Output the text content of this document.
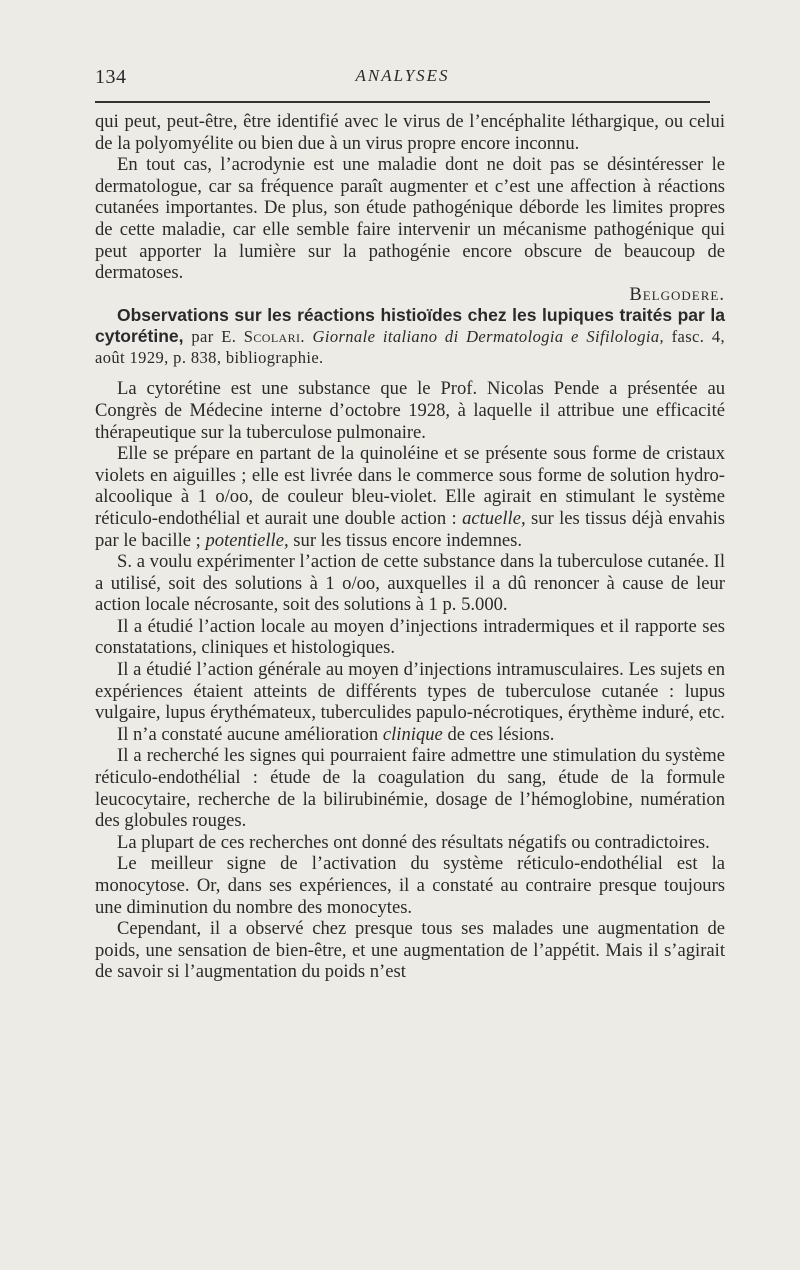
134	ANALYSES

qui peut, peut-être, être identifié avec le virus de l’encéphalite léthargique, ou celui de la polyomyélite ou bien due à un virus propre encore inconnu.

En tout cas, l’acrodynie est une maladie dont ne doit pas se désintéresser le dermatologue, car sa fréquence paraît augmenter et c’est une affection à réactions cutanées importantes. De plus, son étude pathogénique déborde les limites propres de cette maladie, car elle semble faire intervenir un mécanisme pathogénique qui peut apporter la lumière sur la pathogénie encore obscure de beaucoup de dermatoses.

Belgodere.

Observations sur les réactions histioïdes chez les lupiques traités par la cytorétine, par E. Scolari. Giornale italiano di Dermatologia e Sifilologia, fasc. 4, août 1929, p. 838, bibliographie.

La cytorétine est une substance que le Prof. Nicolas Pende a présentée au Congrès de Médecine interne d’octobre 1928, à laquelle il attribue une efficacité thérapeutique sur la tuberculose pulmonaire.

Elle se prépare en partant de la quinoléine et se présente sous forme de cristaux violets en aiguilles ; elle est livrée dans le commerce sous forme de solution hydro-alcoolique à 1 o/oo, de couleur bleu-violet. Elle agirait en stimulant le système réticulo-endothélial et aurait une double action : actuelle, sur les tissus déjà envahis par le bacille ; potentielle, sur les tissus encore indemnes.

S. a voulu expérimenter l’action de cette substance dans la tuberculose cutanée. Il a utilisé, soit des solutions à 1 o/oo, auxquelles il a dû renoncer à cause de leur action locale nécrosante, soit des solutions à 1 p. 5.000.

Il a étudié l’action locale au moyen d’injections intradermiques et il rapporte ses constatations, cliniques et histologiques.

Il a étudié l’action générale au moyen d’injections intramusculaires. Les sujets en expériences étaient atteints de différents types de tuberculose cutanée : lupus vulgaire, lupus érythémateux, tuberculides papulo-nécrotiques, érythème induré, etc.

Il n’a constaté aucune amélioration clinique de ces lésions.

Il a recherché les signes qui pourraient faire admettre une stimulation du système réticulo-endothélial : étude de la coagulation du sang, étude de la formule leucocytaire, recherche de la bilirubinémie, dosage de l’hémoglobine, numération des globules rouges.

La plupart de ces recherches ont donné des résultats négatifs ou contradictoires.

Le meilleur signe de l’activation du système réticulo-endothélial est la monocytose. Or, dans ses expériences, il a constaté au contraire presque toujours une diminution du nombre des monocytes.

Cependant, il a observé chez presque tous ses malades une augmentation de poids, une sensation de bien-être, et une augmentation de l’appétit. Mais il s’agirait de savoir si l’augmentation du poids n’est
